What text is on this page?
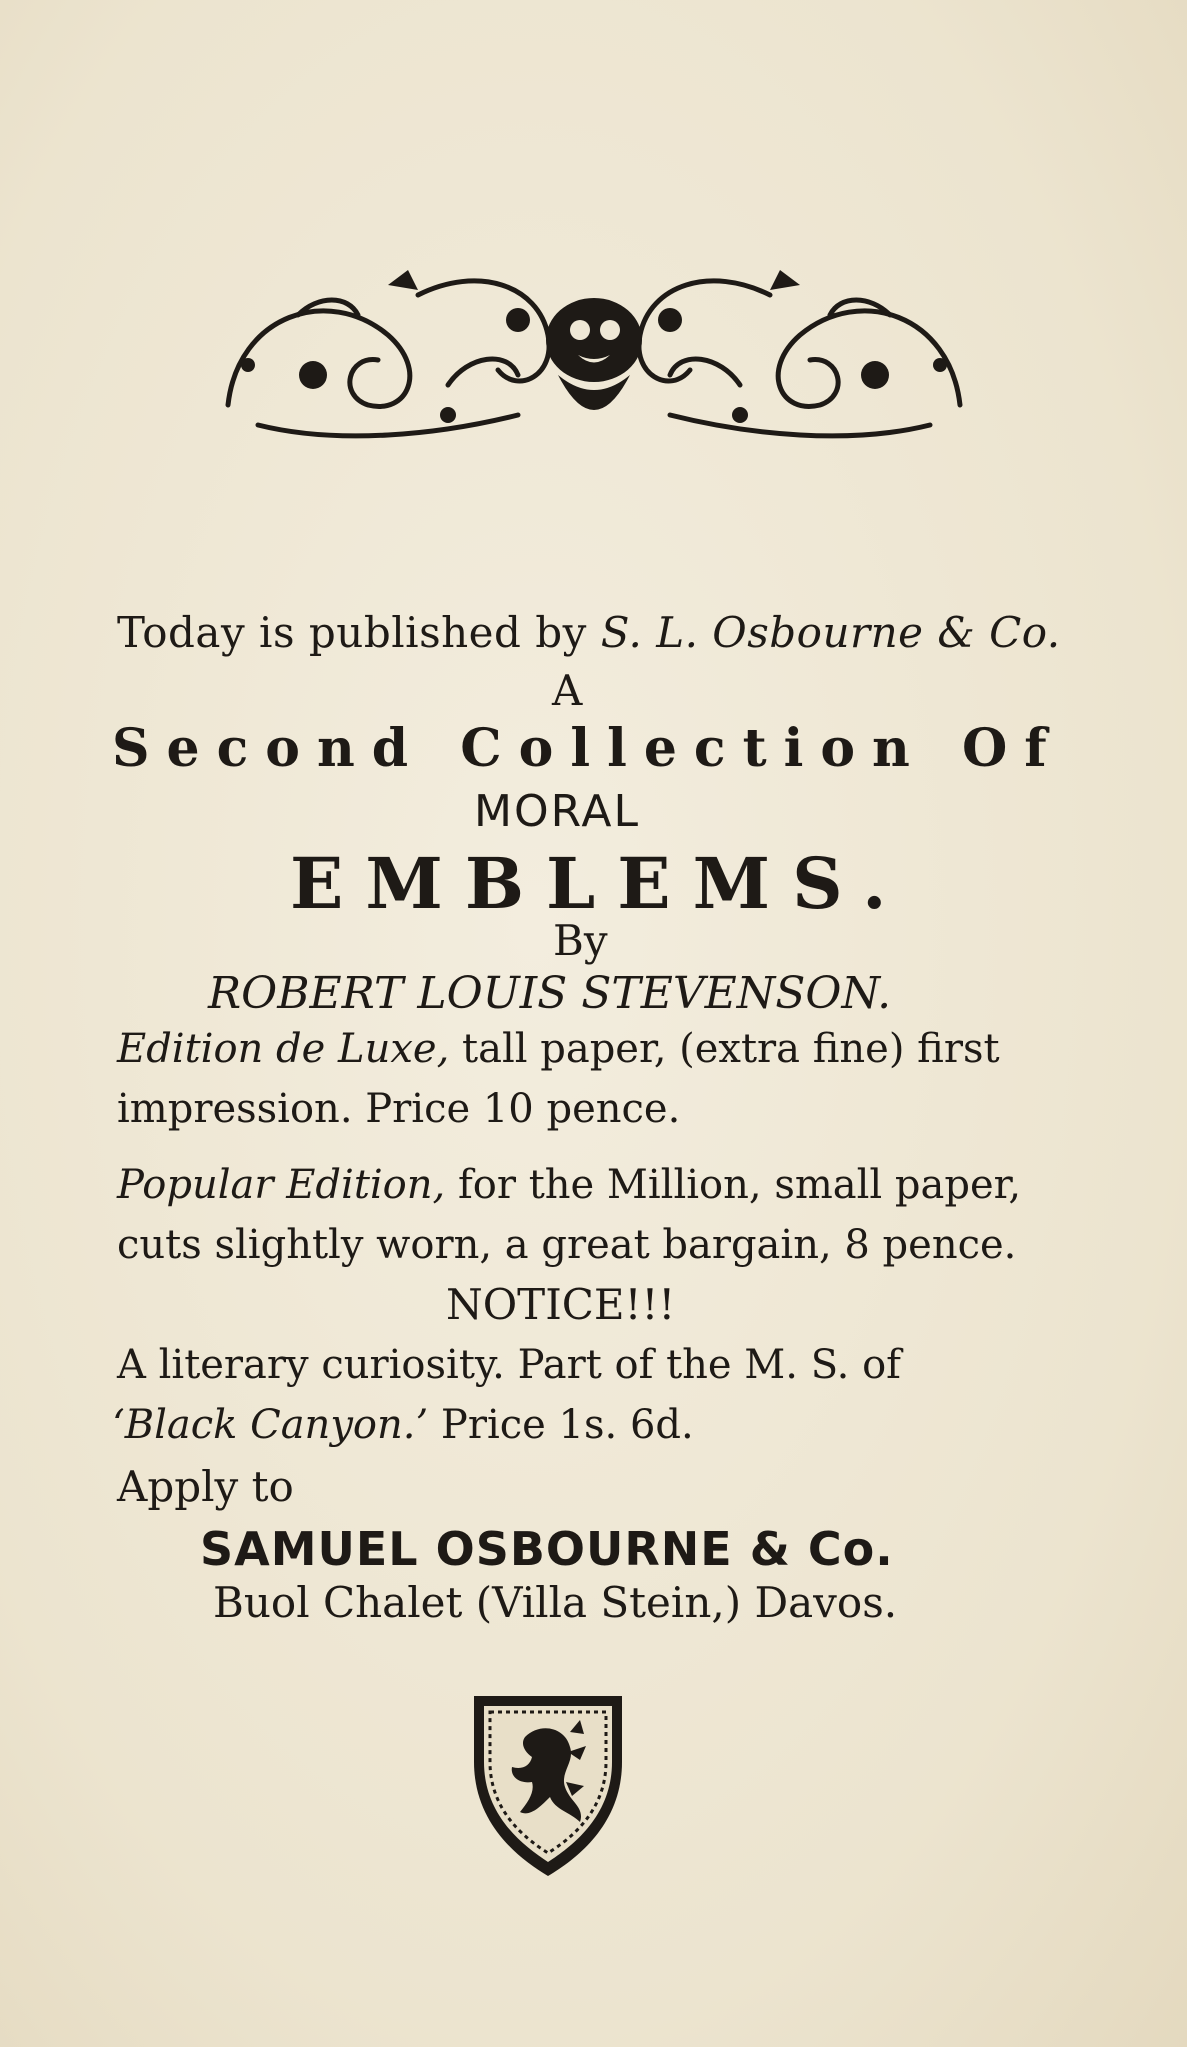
Today is published by S. L. Osbourne & Co.
A
Second Collection Of
MORAL
EMBLEMS.
By
ROBERT LOUIS STEVENSON.
Edition de Luxe, tall paper, (extra fine) first
impression. Price 10 pence.
Popular Edition, for the Million, small paper,
cuts slightly worn, a great bargain, 8 pence.
NOTICE!!!
A literary curiosity. Part of the M. S. of
‘Black Canyon.’ Price 1s. 6d.
Apply to
SAMUEL OSBOURNE & Co.
Buol Chalet (Villa Stein,) Davos.
